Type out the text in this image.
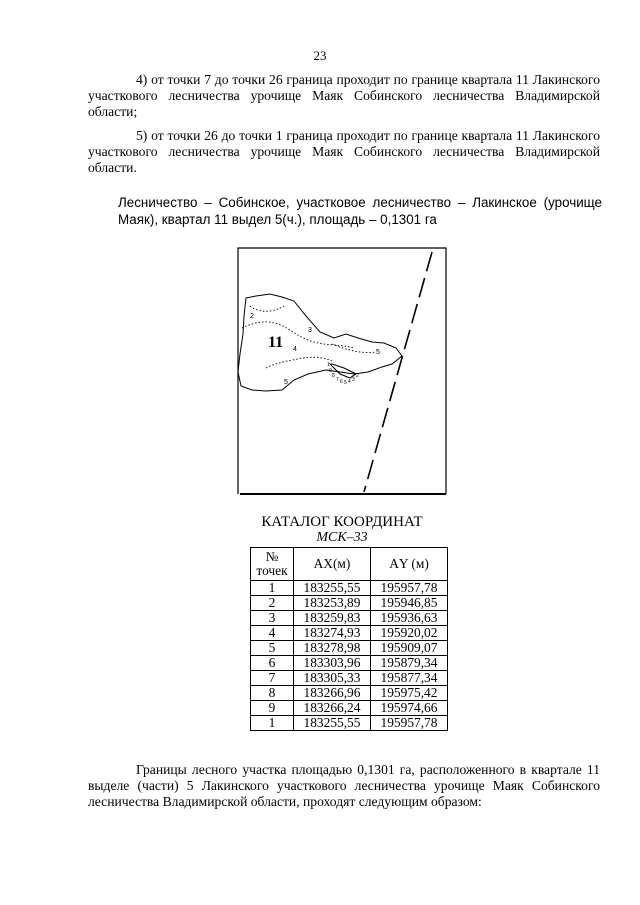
23

4) от точки 7 до точки 26 граница проходит по границе квартала 11 Лакинского участкового лесничества урочище Маяк Собинского лесничества Владимирской области;

5) от точки 26 до точки 1 граница проходит по границе квартала 11 Лакинского участкового лесничества урочище Маяк Собинского лесничества Владимирской области.

Лесничество – Собинское, участковое лесничество – Лакинское (урочище Маяк), квартал 11 выдел 5(ч.), площадь – 0,1301 га

11
2
3
4	5
5
1
9
8
7 6 5 4 3
2
КАТАЛОГ КООРДИНАТ
МСК–33
№ точек	АХ(м)	АY (м)
1	183255,55	195957,78
2	183253,89	195946,85
3	183259,83	195936,63
4	183274,93	195920,02
5	183278,98	195909,07
6	183303,96	195879,34
7	183305,33	195877,34
8	183266,96	195975,42
9	183266,24	195974,66
1	183255,55	195957,78

Границы лесного участка площадью 0,1301 га, расположенного в квартале 11 выделе (части) 5 Лакинского участкового лесничества урочище Маяк Собинского лесничества Владимирской области, проходят следующим образом:
